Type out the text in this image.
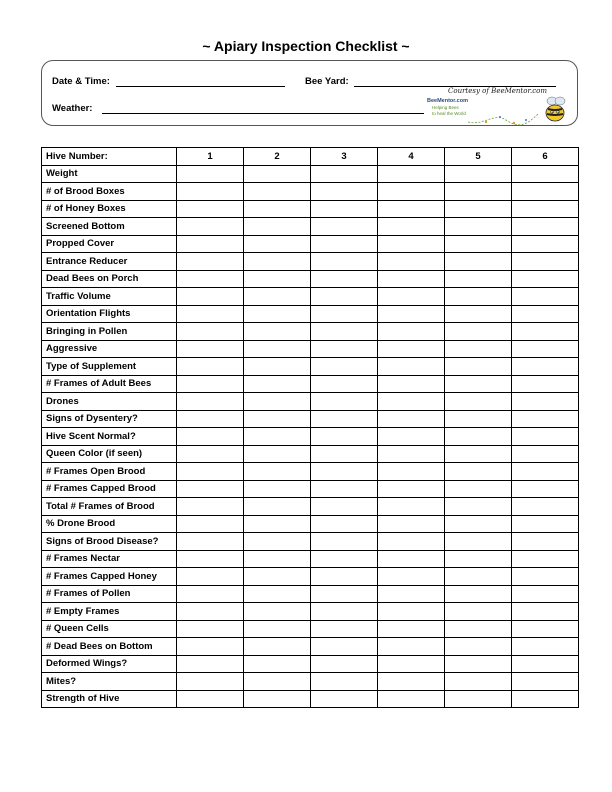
~ Apiary Inspection Checklist ~
Date & Time:	Bee Yard:
Weather:
Courtesy of BeeMentor.com
BeeMentor.com
Helping Bees
to heal the World
Hive Number:	1	2	3	4	5	6
Weight						
# of Brood Boxes						
# of Honey Boxes						
Screened Bottom						
Propped Cover						
Entrance Reducer						
Dead Bees on Porch						
Traffic Volume						
Orientation Flights						
Bringing in Pollen						
Aggressive						
Type of Supplement						
# Frames of Adult Bees						
Drones						
Signs of Dysentery?						
Hive Scent Normal?						
Queen Color (if seen)						
# Frames Open Brood						
# Frames Capped Brood						
Total # Frames of Brood						
% Drone Brood						
Signs of Brood Disease?						
# Frames Nectar						
# Frames Capped Honey						
# Frames of Pollen						
# Empty Frames						
# Queen Cells						
# Dead Bees on Bottom						
Deformed Wings?						
Mites?						
Strength of Hive						
